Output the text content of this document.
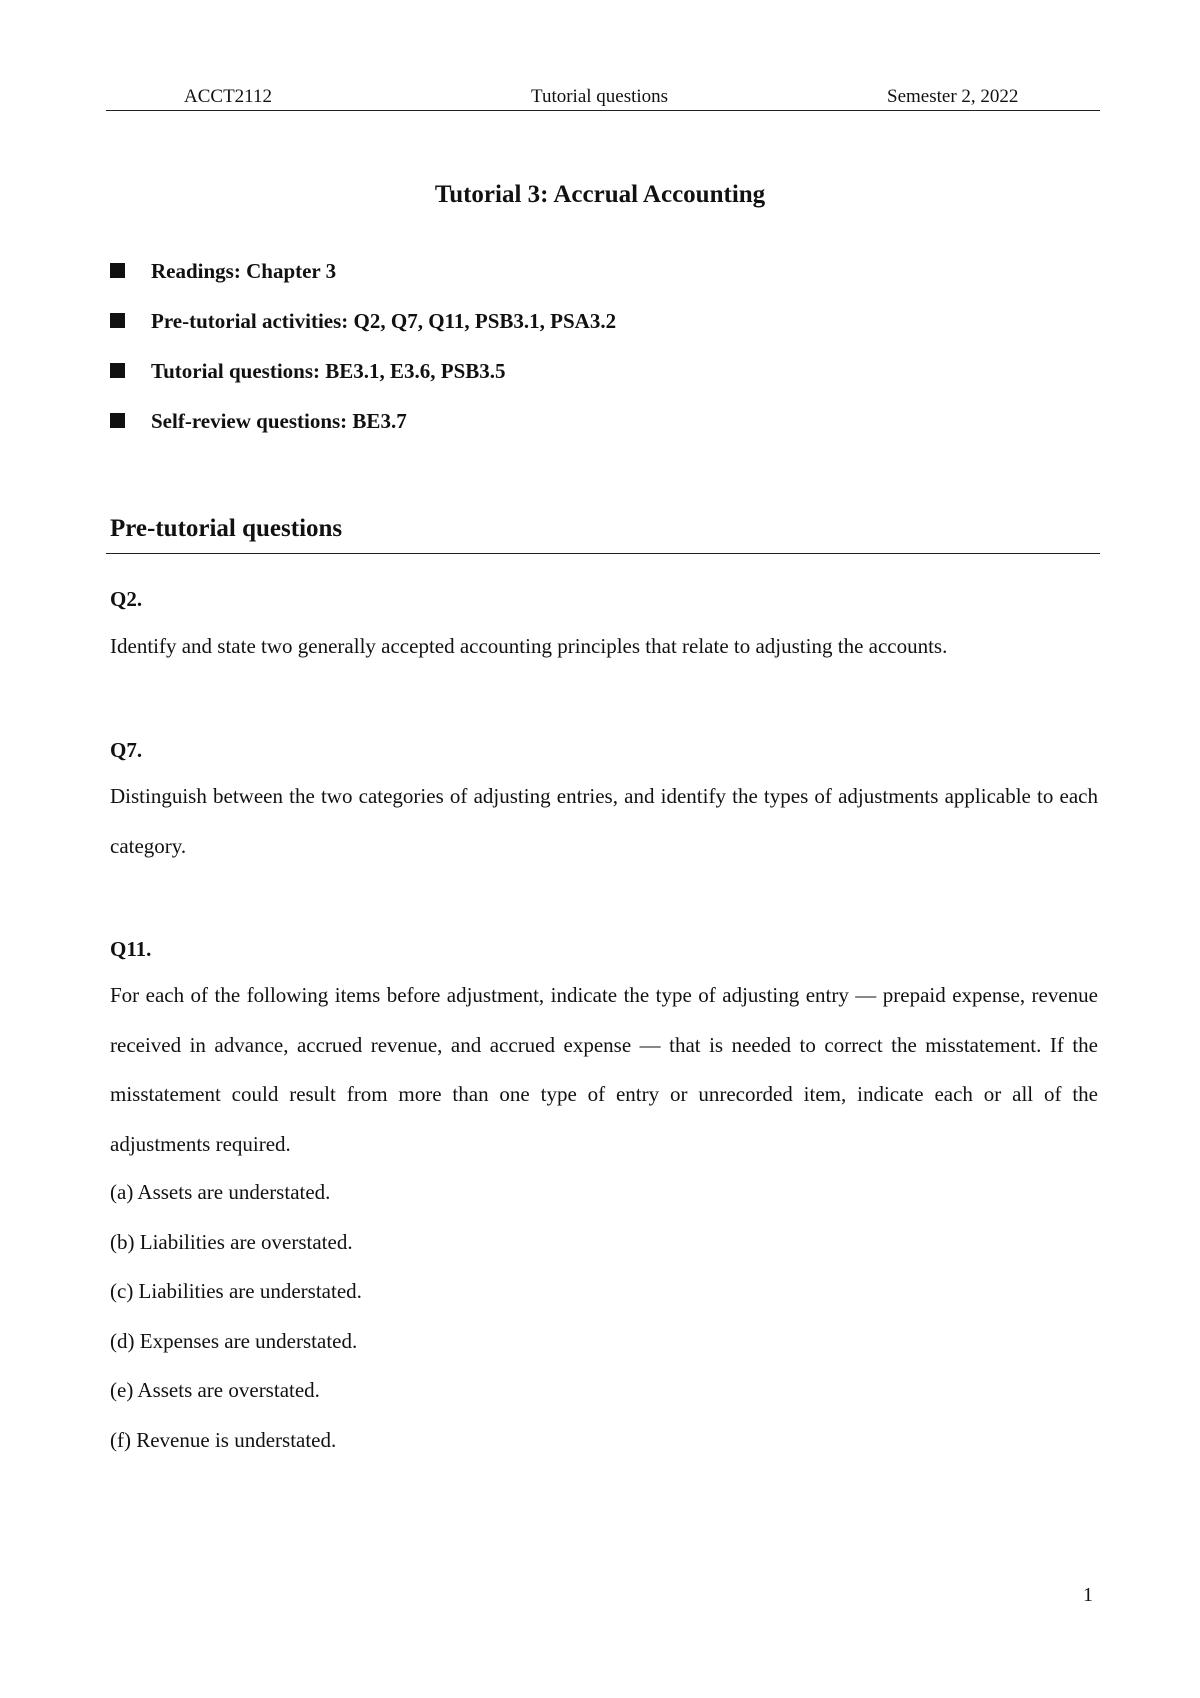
ACCT2112	Tutorial questions	Semester 2, 2022
Tutorial 3: Accrual Accounting
Readings: Chapter 3
Pre-tutorial activities: Q2, Q7, Q11, PSB3.1, PSA3.2
Tutorial questions: BE3.1, E3.6, PSB3.5
Self-review questions: BE3.7
Pre-tutorial questions
Q2.
Identify and state two generally accepted accounting principles that relate to adjusting the accounts.
Q7.
Distinguish between the two categories of adjusting entries, and identify the types of adjustments applicable to each category.
Q11.
For each of the following items before adjustment, indicate the type of adjusting entry — prepaid expense, revenue received in advance, accrued revenue, and accrued expense — that is needed to correct the misstatement. If the misstatement could result from more than one type of entry or unrecorded item, indicate each or all of the adjustments required.
(a) Assets are understated.
(b) Liabilities are overstated.
(c) Liabilities are understated.
(d) Expenses are understated.
(e) Assets are overstated.
(f) Revenue is understated.
1
